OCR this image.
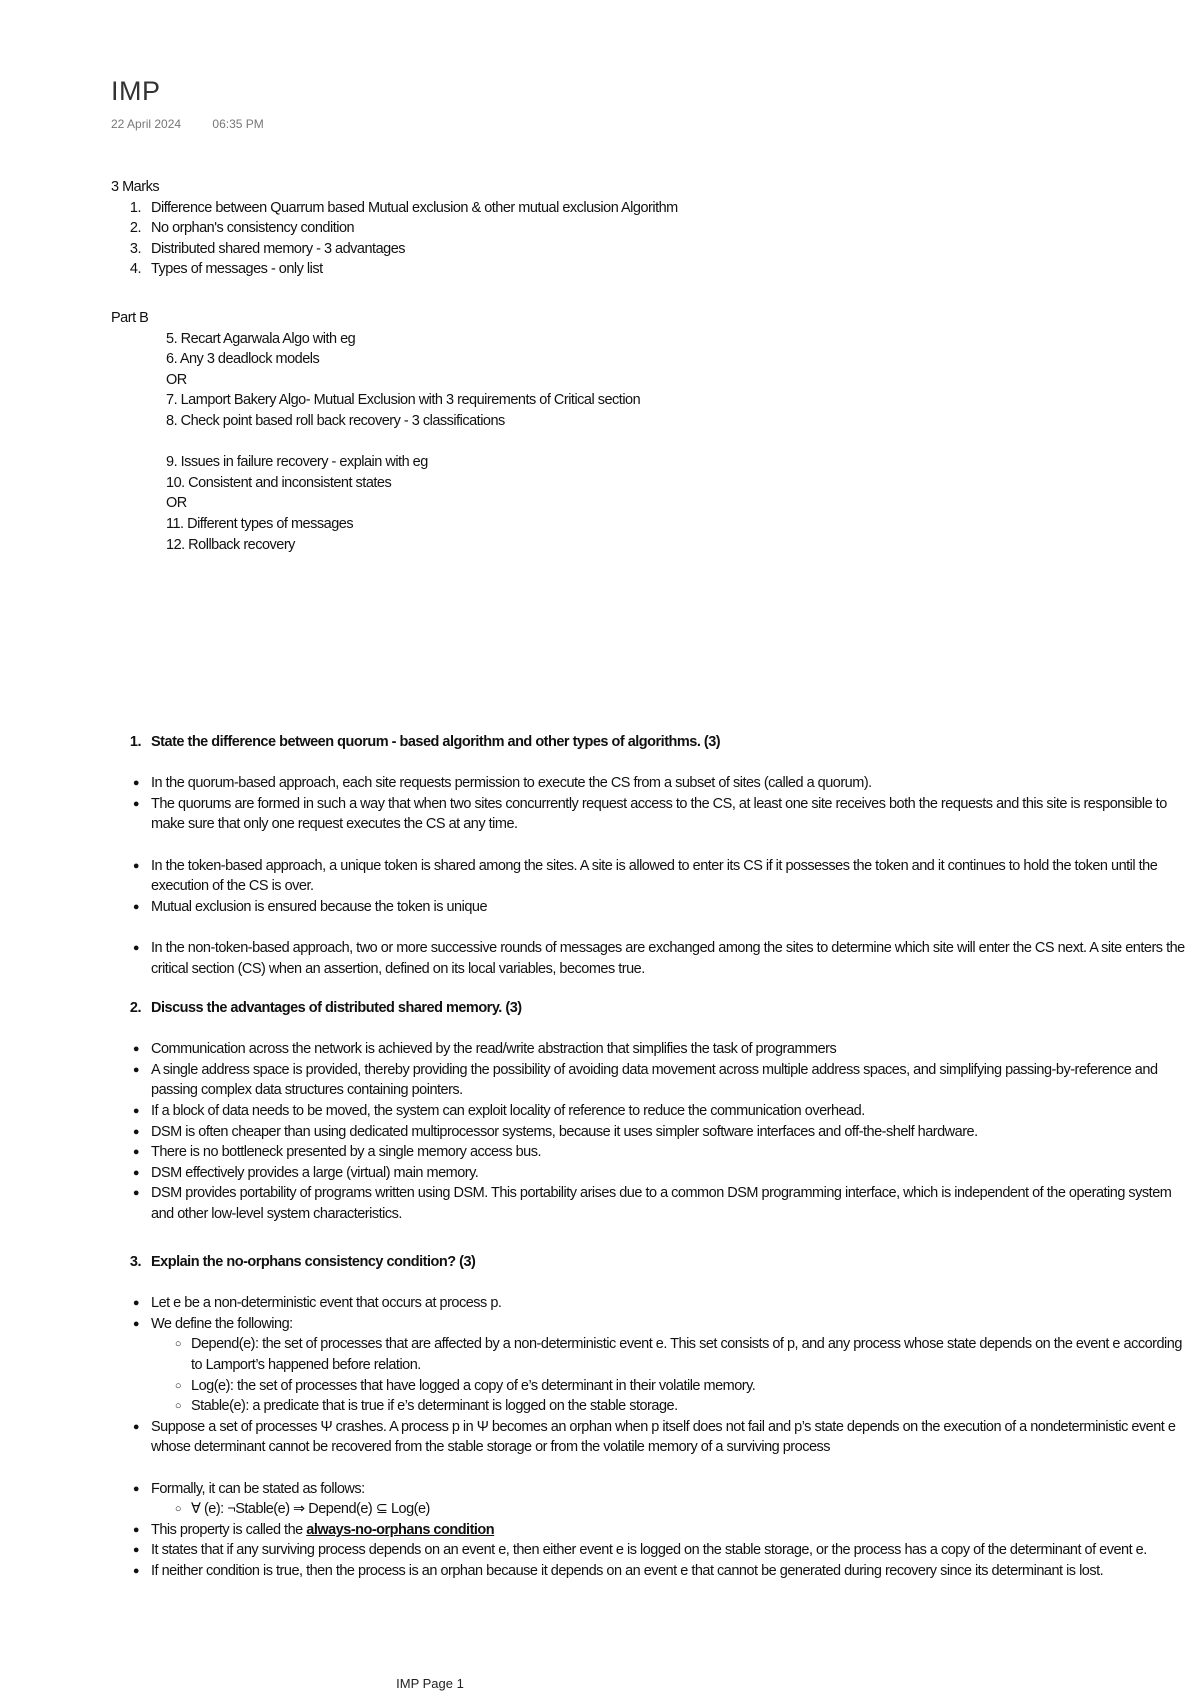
IMP
22 April 2024	06:35 PM
3 Marks
1. Difference between Quarrum based Mutual exclusion & other mutual exclusion Algorithm
2. No orphan's consistency condition
3. Distributed shared memory - 3 advantages
4. Types of messages - only list
Part B
5. Recart Agarwala Algo with eg
6. Any 3 deadlock models
OR
7. Lamport Bakery Algo- Mutual Exclusion with 3 requirements of Critical section
8. Check point based roll back recovery - 3 classifications
9. Issues in failure recovery - explain with eg
10. Consistent and inconsistent states
OR
11. Different types of messages
12. Rollback recovery
1. State the difference between quorum - based algorithm and other types of algorithms. (3)
● In the quorum-based approach, each site requests permission to execute the CS from a subset of sites (called a quorum).
● The quorums are formed in such a way that when two sites concurrently request access to the CS, at least one site receives both the requests and this site is responsible to make sure that only one request executes the CS at any time.
● In the token-based approach, a unique token is shared among the sites. A site is allowed to enter its CS if it possesses the token and it continues to hold the token until the execution of the CS is over.
● Mutual exclusion is ensured because the token is unique
● In the non-token-based approach, two or more successive rounds of messages are exchanged among the sites to determine which site will enter the CS next. A site enters the critical section (CS) when an assertion, defined on its local variables, becomes true.
2. Discuss the advantages of distributed shared memory. (3)
● Communication across the network is achieved by the read/write abstraction that simplifies the task of programmers
● A single address space is provided, thereby providing the possibility of avoiding data movement across multiple address spaces, and simplifying passing-by-reference and passing complex data structures containing pointers.
● If a block of data needs to be moved, the system can exploit locality of reference to reduce the communication overhead.
● DSM is often cheaper than using dedicated multiprocessor systems, because it uses simpler software interfaces and off-the-shelf hardware.
● There is no bottleneck presented by a single memory access bus.
● DSM effectively provides a large (virtual) main memory.
● DSM provides portability of programs written using DSM. This portability arises due to a common DSM programming interface, which is independent of the operating system and other low-level system characteristics.
3. Explain the no-orphans consistency condition? (3)
● Let e be a non-deterministic event that occurs at process p.
● We define the following:
○ Depend(e): the set of processes that are affected by a non-deterministic event e. This set consists of p, and any process whose state depends on the event e according to Lamport’s happened before relation.
○ Log(e): the set of processes that have logged a copy of e’s determinant in their volatile memory.
○ Stable(e): a predicate that is true if e’s determinant is logged on the stable storage.
● Suppose a set of processes Ψ crashes. A process p in Ψ becomes an orphan when p itself does not fail and p’s state depends on the execution of a nondeterministic event e whose determinant cannot be recovered from the stable storage or from the volatile memory of a surviving process
● Formally, it can be stated as follows:
○ ∀ (e): ¬Stable(e) ⇒ Depend(e) ⊆ Log(e)
● This property is called the always-no-orphans condition
● It states that if any surviving process depends on an event e, then either event e is logged on the stable storage, or the process has a copy of the determinant of event e.
● If neither condition is true, then the process is an orphan because it depends on an event e that cannot be generated during recovery since its determinant is lost.
IMP Page 1
